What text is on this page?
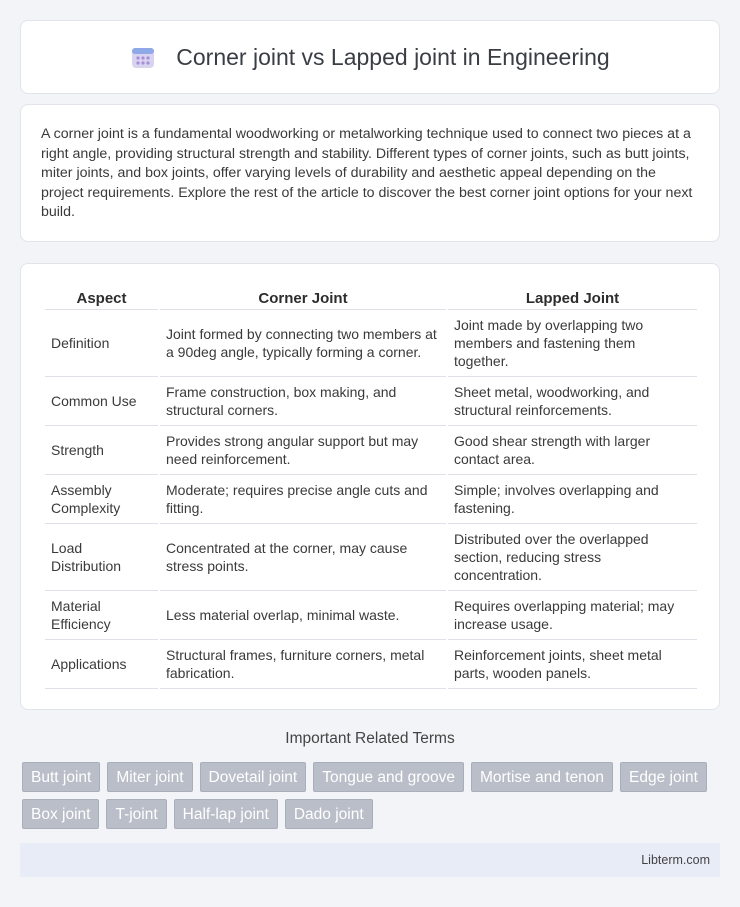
Corner joint vs Lapped joint in Engineering

A corner joint is a fundamental woodworking or metalworking technique used to connect two pieces at a right angle, providing structural strength and stability. Different types of corner joints, such as butt joints, miter joints, and box joints, offer varying levels of durability and aesthetic appeal depending on the project requirements. Explore the rest of the article to discover the best corner joint options for your next build.

Aspect	Corner Joint	Lapped Joint
Definition	Joint formed by connecting two members at a 90deg angle, typically forming a corner.	Joint made by overlapping two members and fastening them together.
Common Use	Frame construction, box making, and structural corners.	Sheet metal, woodworking, and structural reinforcements.
Strength	Provides strong angular support but may need reinforcement.	Good shear strength with larger contact area.
Assembly Complexity	Moderate; requires precise angle cuts and fitting.	Simple; involves overlapping and fastening.
Load Distribution	Concentrated at the corner, may cause stress points.	Distributed over the overlapped section, reducing stress concentration.
Material Efficiency	Less material overlap, minimal waste.	Requires overlapping material; may increase usage.
Applications	Structural frames, furniture corners, metal fabrication.	Reinforcement joints, sheet metal parts, wooden panels.
Important Related Terms
Butt joint	Miter joint	Dovetail joint	Tongue and groove	Mortise and tenon	Edge joint
Box joint	T-joint	Half-lap joint	Dado joint
Libterm.com
